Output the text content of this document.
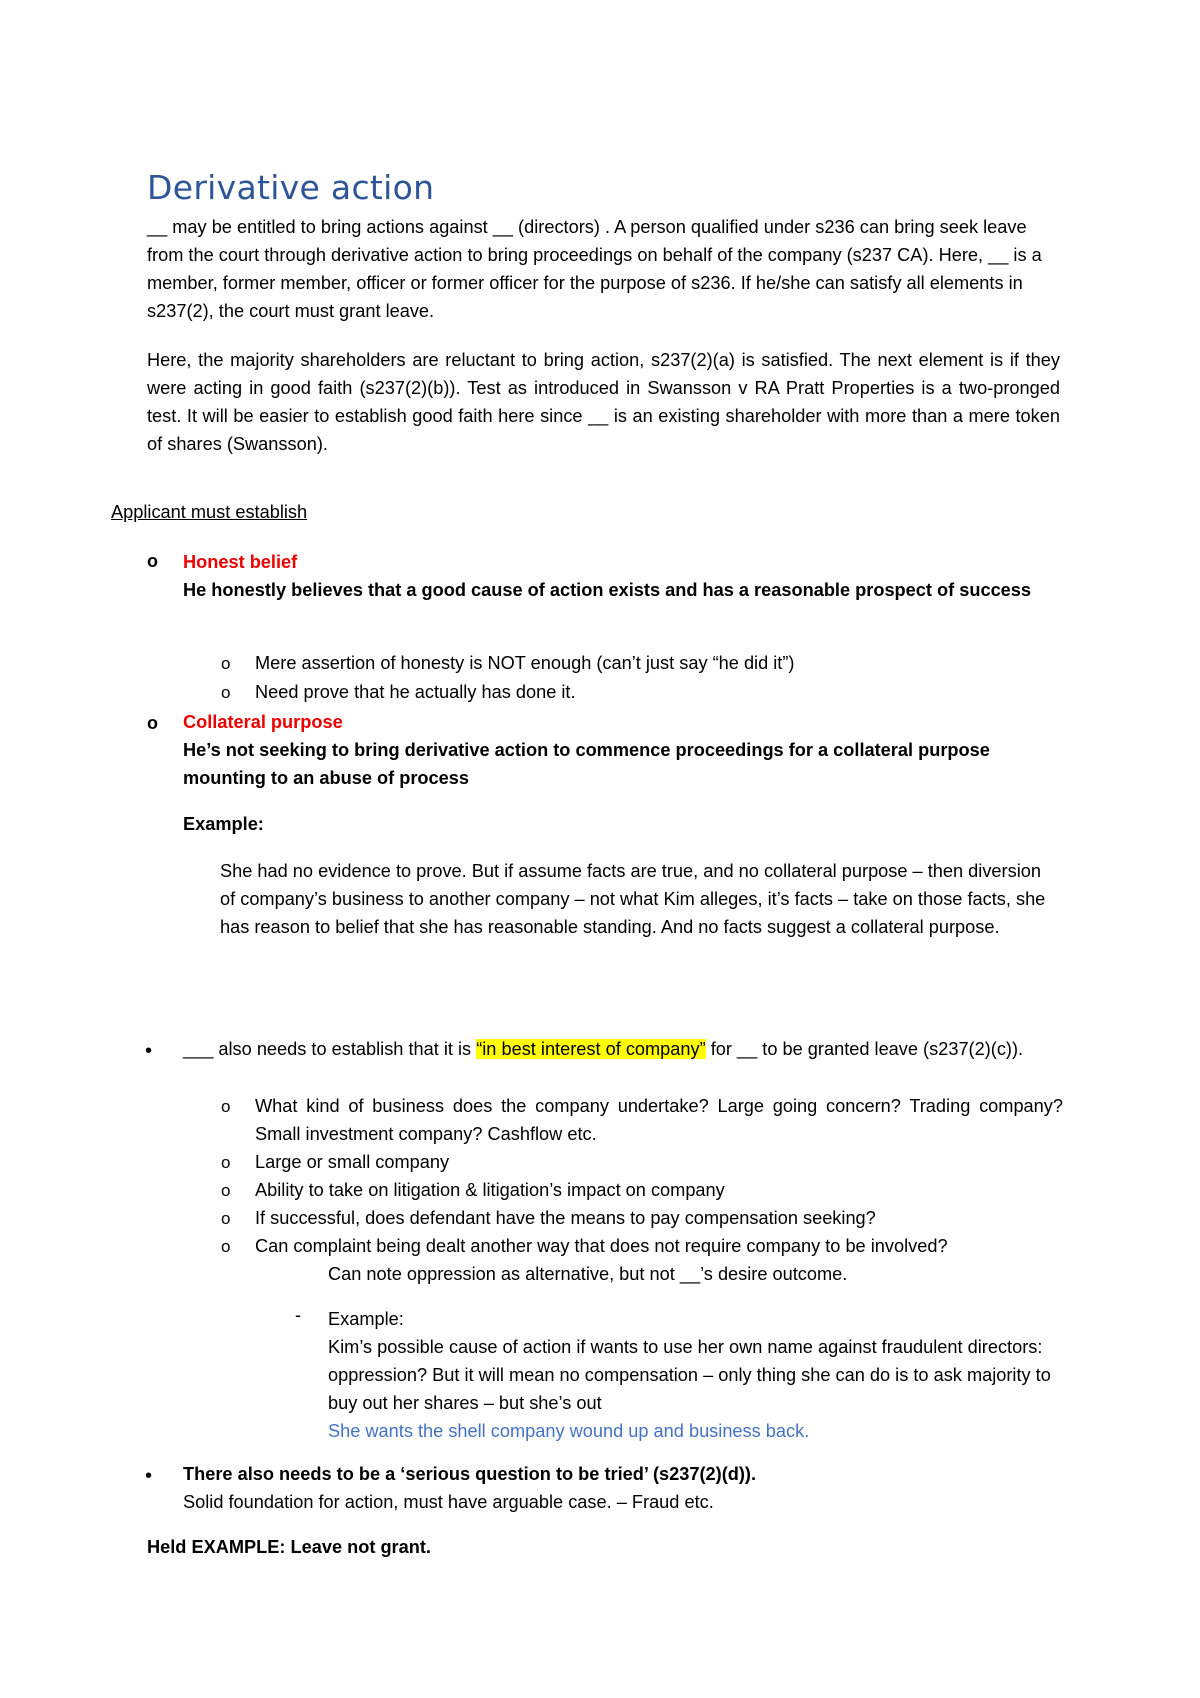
Derivative action
__ may be entitled to bring actions against __ (directors) . A person qualified under s236 can bring seek leave from the court through derivative action to bring proceedings on behalf of the company (s237 CA). Here, __ is a member, former member, officer or former officer for the purpose of s236. If he/she can satisfy all elements in s237(2), the court must grant leave.
Here, the majority shareholders are reluctant to bring action, s237(2)(a) is satisfied. The next element is if they were acting in good faith (s237(2)(b)). Test as introduced in Swansson v RA Pratt Properties is a two-pronged test. It will be easier to establish good faith here since __ is an existing shareholder with more than a mere token of shares (Swansson).
Applicant must establish
o Honest belief
He honestly believes that a good cause of action exists and has a reasonable prospect of success
o Mere assertion of honesty is NOT enough (can’t just say “he did it”)
o Need prove that he actually has done it.
o Collateral purpose
He’s not seeking to bring derivative action to commence proceedings for a collateral purpose mounting to an abuse of process
Example:
She had no evidence to prove. But if assume facts are true, and no collateral purpose – then diversion of company’s business to another company – not what Kim alleges, it’s facts – take on those facts, she has reason to belief that she has reasonable standing. And no facts suggest a collateral purpose.
• ___ also needs to establish that it is “in best interest of company” for __ to be granted leave (s237(2)(c)).
o What kind of business does the company undertake? Large going concern? Trading company? Small investment company? Cashflow etc.
o Large or small company
o Ability to take on litigation & litigation’s impact on company
o If successful, does defendant have the means to pay compensation seeking?
o Can complaint being dealt another way that does not require company to be involved?
Can note oppression as alternative, but not __’s desire outcome.
- Example:
Kim’s possible cause of action if wants to use her own name against fraudulent directors: oppression? But it will mean no compensation – only thing she can do is to ask majority to buy out her shares – but she’s out
She wants the shell company wound up and business back.
• There also needs to be a ‘serious question to be tried’ (s237(2)(d)).
Solid foundation for action, must have arguable case. – Fraud etc.
Held EXAMPLE: Leave not grant.
